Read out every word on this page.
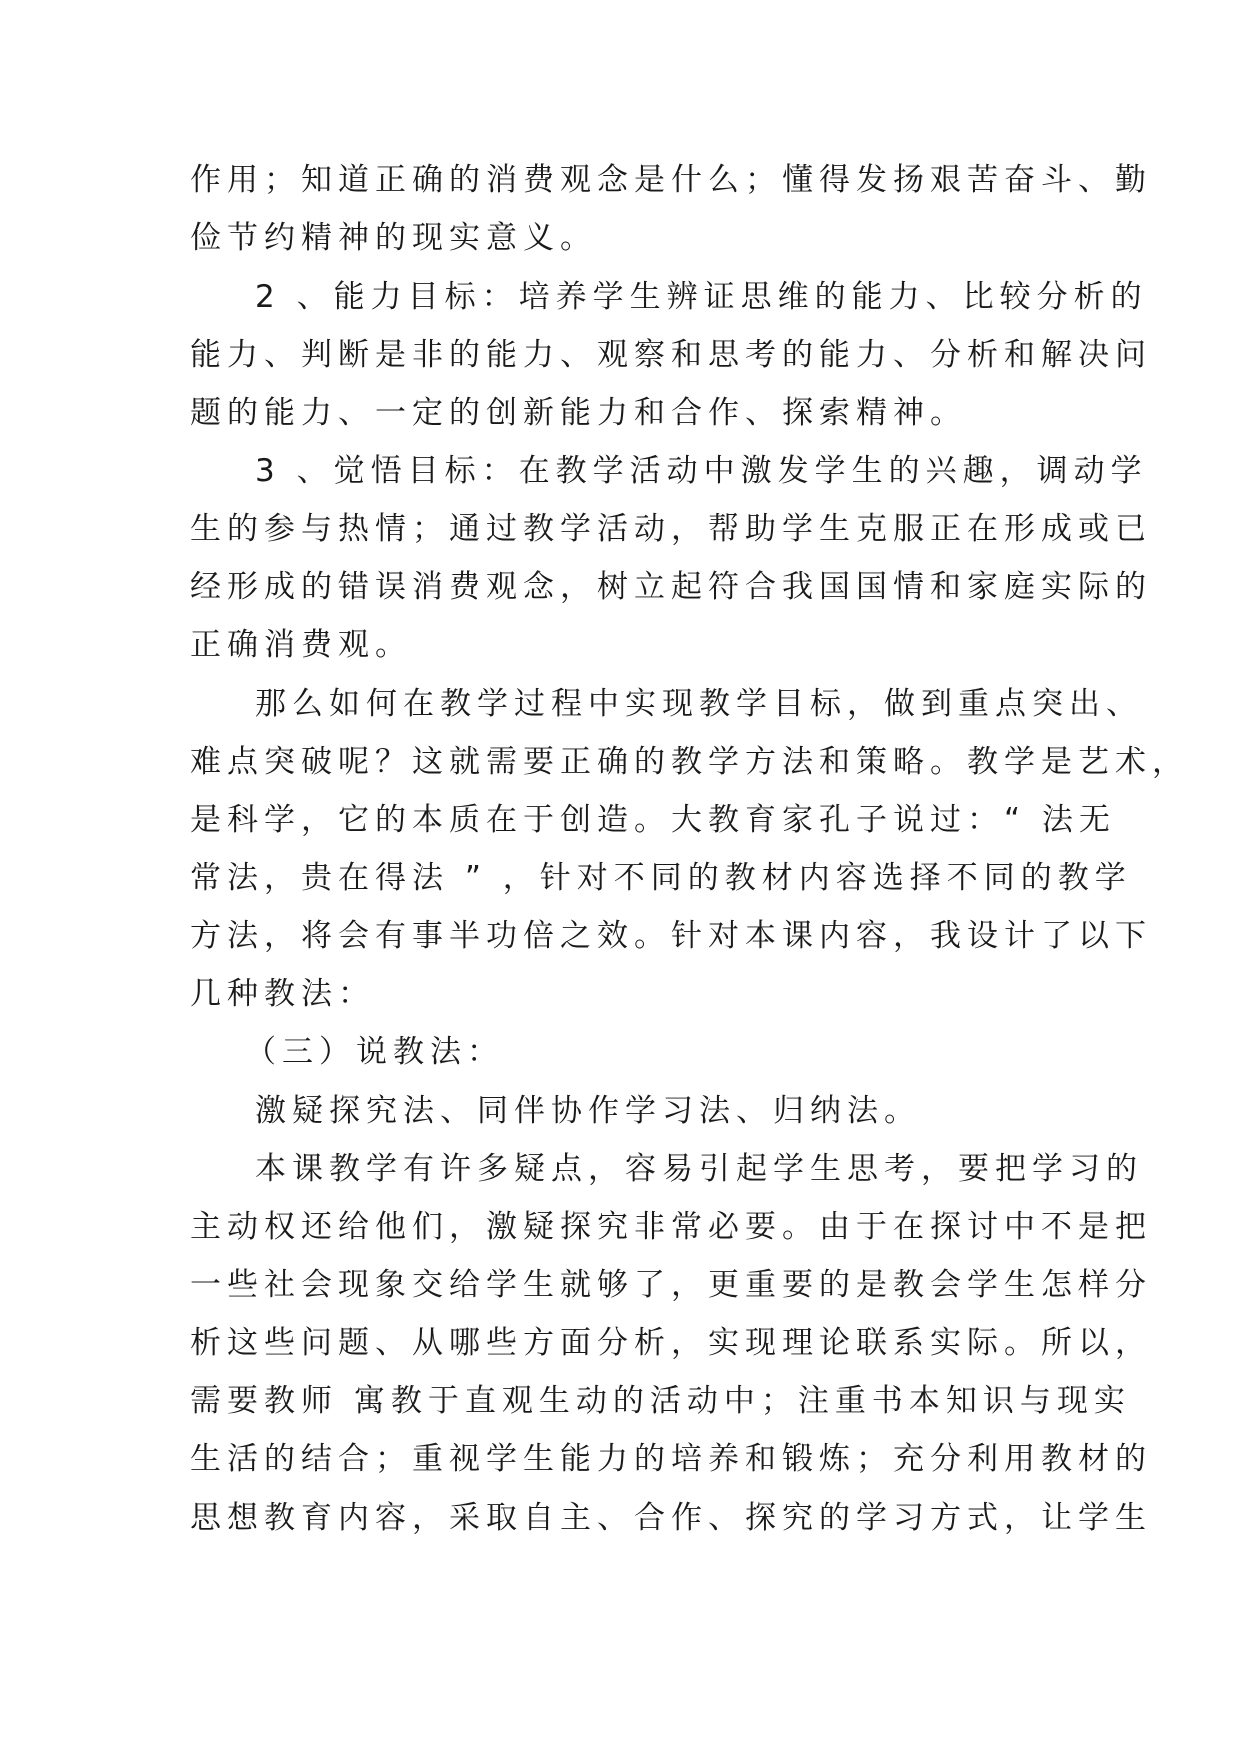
作用；知道正确的消费观念是什么；懂得发扬艰苦奋斗、勤
俭节约精神的现实意义。
2 、能力目标：培养学生辨证思维的能力、比较分析的
能力、判断是非的能力、观察和思考的能力、分析和解决问
题的能力、一定的创新能力和合作、探索精神。
3 、觉悟目标：在教学活动中激发学生的兴趣，调动学
生的参与热情；通过教学活动，帮助学生克服正在形成或已
经形成的错误消费观念，树立起符合我国国情和家庭实际的
正确消费观。
那么如何在教学过程中实现教学目标，做到重点突出、
难点突破呢？这就需要正确的教学方法和策略。教学是艺术，
是科学，它的本质在于创造。大教育家孔子说过：“ 法无
常法，贵在得法 ” ，针对不同的教材内容选择不同的教学
方法，将会有事半功倍之效。针对本课内容，我设计了以下
几种教法：
（三）说教法：
激疑探究法、同伴协作学习法、归纳法。
本课教学有许多疑点，容易引起学生思考，要把学习的
主动权还给他们，激疑探究非常必要。由于在探讨中不是把
一些社会现象交给学生就够了，更重要的是教会学生怎样分
析这些问题、从哪些方面分析，实现理论联系实际。所以，
需要教师 寓教于直观生动的活动中；注重书本知识与现实
生活的结合；重视学生能力的培养和锻炼；充分利用教材的
思想教育内容，采取自主、合作、探究的学习方式，让学生
